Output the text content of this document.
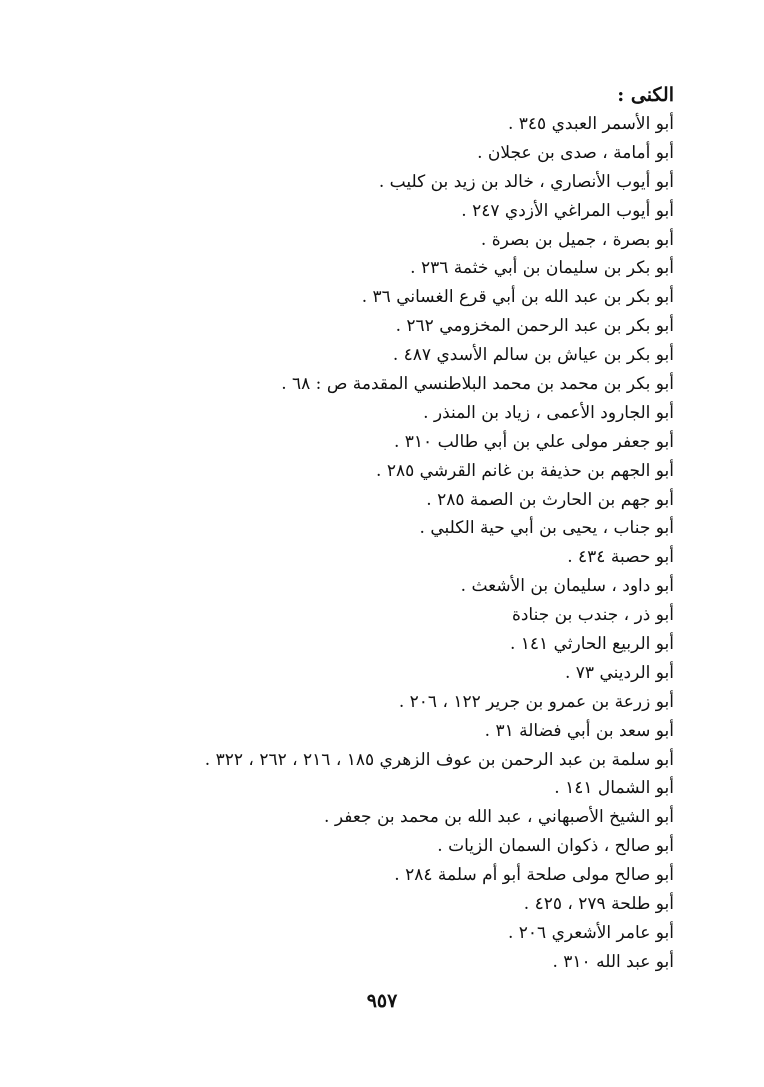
الكنى :
أبو الأسمر العبدي ٣٤٥ .
أبو أمامة ، صدى بن عجلان .
أبو أيوب الأنصاري ، خالد بن زيد بن كليب .
أبو أيوب المراغي الأزدي ٢٤٧ .
أبو بصرة ، جميل بن بصرة .
أبو بكر بن سليمان بن أبي خثمة ٢٣٦ .
أبو بكر بن عبد الله بن أبي قرع الغساني ٣٦ .
أبو بكر بن عبد الرحمن المخزومي ٢٦٢ .
أبو بكر بن عياش بن سالم الأسدي ٤٨٧ .
أبو بكر بن محمد بن محمد البلاطنسي المقدمة ص : ٦٨ .
أبو الجارود الأعمى ، زياد بن المنذر .
أبو جعفر مولى علي بن أبي طالب ٣١٠ .
أبو الجهم بن حذيفة بن غانم القرشي ٢٨٥ .
أبو جهم بن الحارث بن الصمة ٢٨٥ .
أبو جناب ، يحيى بن أبي حية الكلبي .
أبو حصبة ٤٣٤ .
أبو داود ، سليمان بن الأشعث .
أبو ذر ، جندب بن جنادة
أبو الربيع الحارثي ١٤١ .
أبو الرديني ٧٣ .
أبو زرعة بن عمرو بن جرير ١٢٢ ، ٢٠٦ .
أبو سعد بن أبي فضالة ٣١ .
أبو سلمة بن عبد الرحمن بن عوف الزهري ١٨٥ ، ٢١٦ ، ٢٦٢ ، ٣٢٢ .
أبو الشمال ١٤١ .
أبو الشيخ الأصبهاني ، عبد الله بن محمد بن جعفر .
أبو صالح ، ذكوان السمان الزيات .
أبو صالح مولى صلحة أبو أم سلمة ٢٨٤ .
أبو طلحة ٢٧٩ ، ٤٢٥ .
أبو عامر الأشعري ٢٠٦ .
أبو عبد الله ٣١٠ .
٩٥٧
